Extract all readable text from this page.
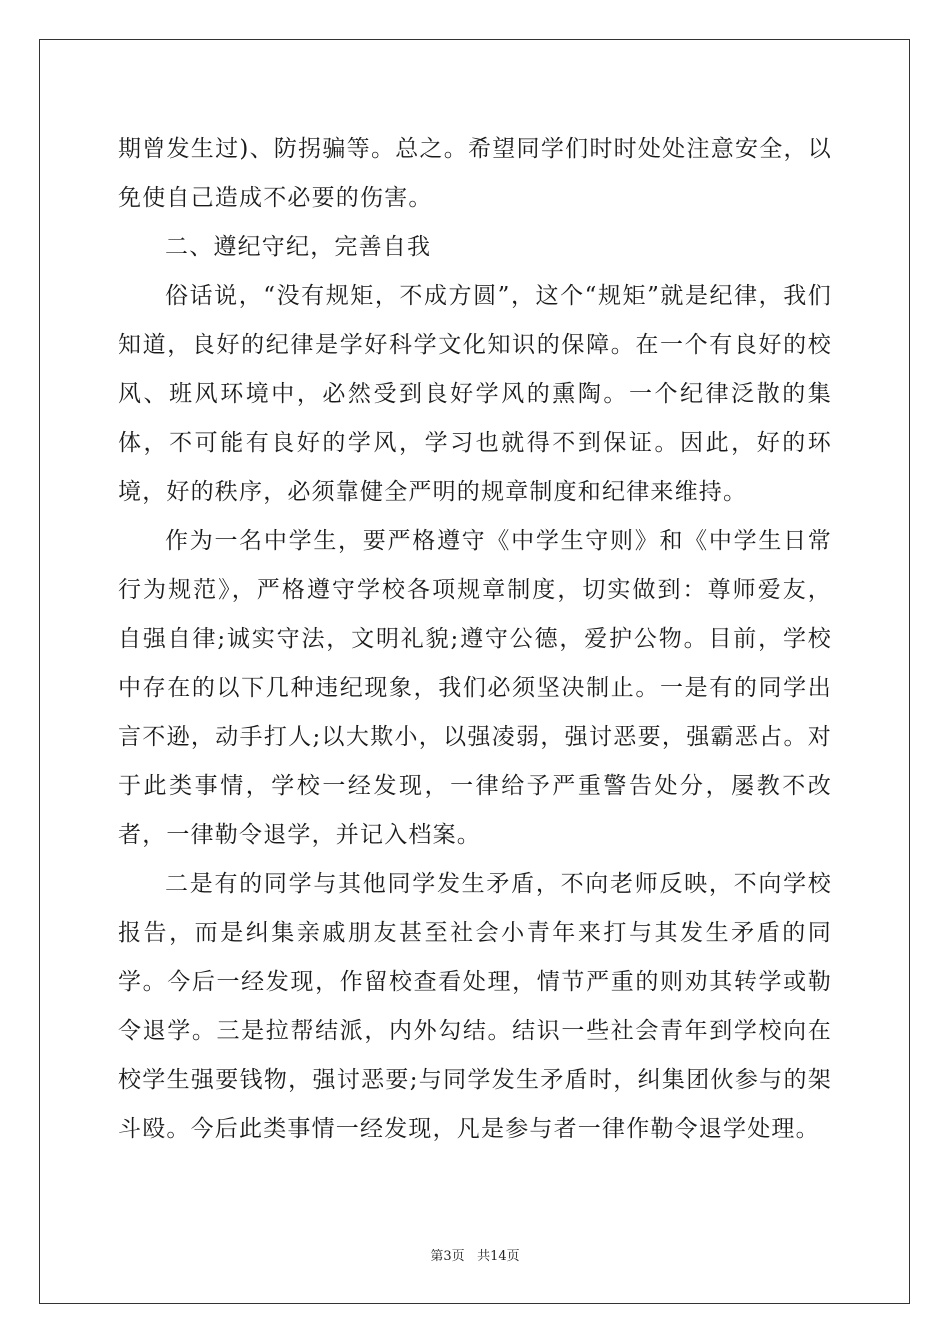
期曾发生过)、防拐骗等。总之。希望同学们时时处处注意安全，以免使自己造成不必要的伤害。

二、遵纪守纪，完善自我

俗话说，“没有规矩，不成方圆”，这个“规矩”就是纪律，我们知道，良好的纪律是学好科学文化知识的保障。在一个有良好的校风、班风环境中，必然受到良好学风的熏陶。一个纪律泛散的集体，不可能有良好的学风，学习也就得不到保证。因此，好的环境，好的秩序，必须靠健全严明的规章制度和纪律来维持。

作为一名中学生，要严格遵守《中学生守则》和《中学生日常行为规范》，严格遵守学校各项规章制度，切实做到：尊师爱友，自强自律;诚实守法，文明礼貌;遵守公德，爱护公物。目前，学校中存在的以下几种违纪现象，我们必须坚决制止。一是有的同学出言不逊，动手打人;以大欺小，以强凌弱，强讨恶要，强霸恶占。对于此类事情，学校一经发现，一律给予严重警告处分，屡教不改者，一律勒令退学，并记入档案。

二是有的同学与其他同学发生矛盾，不向老师反映，不向学校报告，而是纠集亲戚朋友甚至社会小青年来打与其发生矛盾的同学。今后一经发现，作留校查看处理，情节严重的则劝其转学或勒令退学。三是拉帮结派，内外勾结。结识一些社会青年到学校向在校学生强要钱物，强讨恶要;与同学发生矛盾时，纠集团伙参与的架斗殴。今后此类事情一经发现，凡是参与者一律作勒令退学处理。

第3页 共14页
